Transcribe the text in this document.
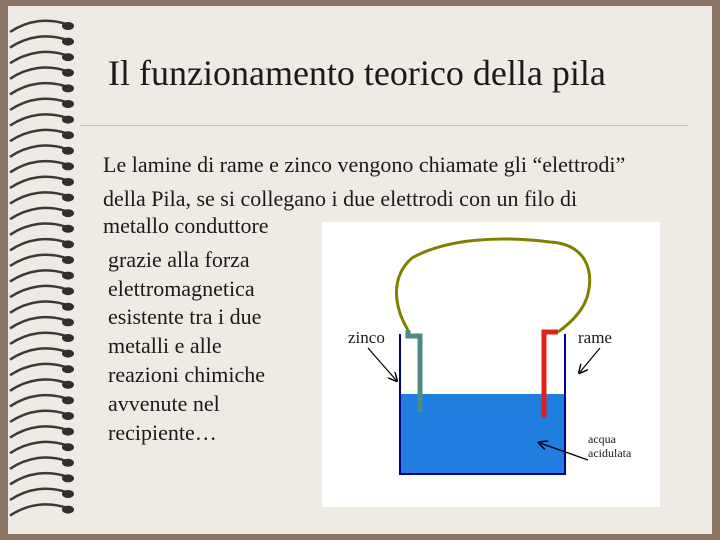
Il funzionamento teorico della pila
Le lamine di rame e zinco vengono chiamate gli “elettrodi”
della Pila, se si collegano i due elettrodi con un filo di
metallo conduttore
grazie alla forza
elettromagnetica
esistente tra i due
metalli e alle
reazioni chimiche
avvenute nel
recipiente…
zinco	rame
acqua
acidulata
